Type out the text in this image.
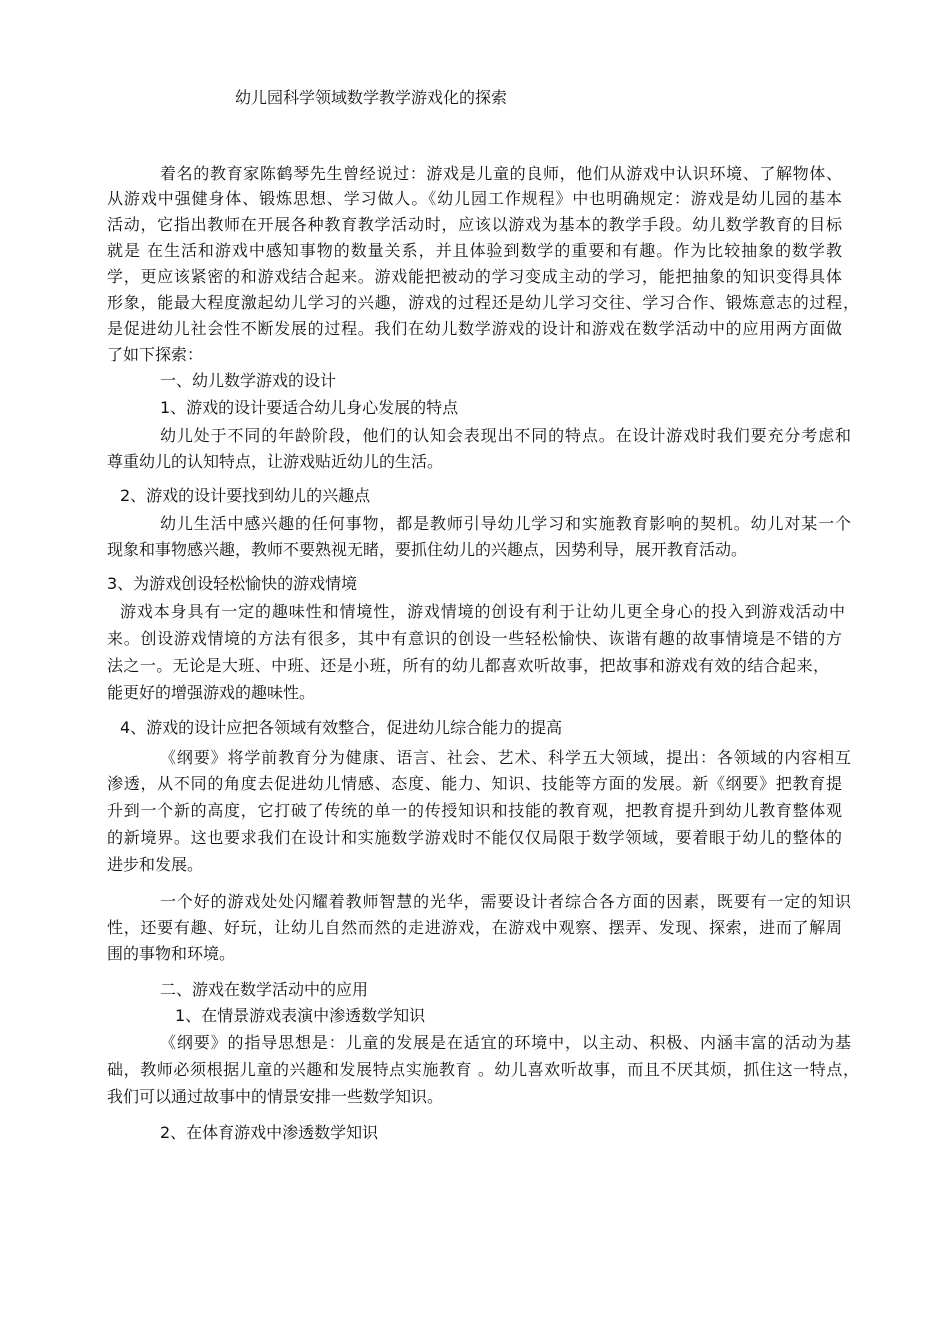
幼儿园科学领域数学教学游戏化的探索
着名的教育家陈鹤琴先生曾经说过：游戏是儿童的良师，他们从游戏中认识环境、了解物体、
从游戏中强健身体、锻炼思想、学习做人。《幼儿园工作规程》中也明确规定：游戏是幼儿园的基本
活动，它指出教师在开展各种教育教学活动时，应该以游戏为基本的教学手段。幼儿数学教育的目标
就是 在生活和游戏中感知事物的数量关系，并且体验到数学的重要和有趣。作为比较抽象的数学教
学，更应该紧密的和游戏结合起来。游戏能把被动的学习变成主动的学习，能把抽象的知识变得具体
形象，能最大程度激起幼儿学习的兴趣，游戏的过程还是幼儿学习交往、学习合作、锻炼意志的过程，
是促进幼儿社会性不断发展的过程。我们在幼儿数学游戏的设计和游戏在数学活动中的应用两方面做
了如下探索：
一、幼儿数学游戏的设计
1、游戏的设计要适合幼儿身心发展的特点
幼儿处于不同的年龄阶段，他们的认知会表现出不同的特点。在设计游戏时我们要充分考虑和
尊重幼儿的认知特点，让游戏贴近幼儿的生活。
2、游戏的设计要找到幼儿的兴趣点
幼儿生活中感兴趣的任何事物，都是教师引导幼儿学习和实施教育影响的契机。幼儿对某一个
现象和事物感兴趣，教师不要熟视无睹，要抓住幼儿的兴趣点，因势利导，展开教育活动。
3、为游戏创设轻松愉快的游戏情境
游戏本身具有一定的趣味性和情境性，游戏情境的创设有利于让幼儿更全身心的投入到游戏活动中
来。创设游戏情境的方法有很多，其中有意识的创设一些轻松愉快、诙谐有趣的故事情境是不错的方
法之一。无论是大班、中班、还是小班，所有的幼儿都喜欢听故事，把故事和游戏有效的结合起来，
能更好的增强游戏的趣味性。
4、游戏的设计应把各领域有效整合，促进幼儿综合能力的提高
《纲要》将学前教育分为健康、语言、社会、艺术、科学五大领域，提出：各领域的内容相互
渗透，从不同的角度去促进幼儿情感、态度、能力、知识、技能等方面的发展。新《纲要》把教育提
升到一个新的高度，它打破了传统的单一的传授知识和技能的教育观，把教育提升到幼儿教育整体观
的新境界。这也要求我们在设计和实施数学游戏时不能仅仅局限于数学领域，要着眼于幼儿的整体的
进步和发展。
一个好的游戏处处闪耀着教师智慧的光华，需要设计者综合各方面的因素，既要有一定的知识
性，还要有趣、好玩，让幼儿自然而然的走进游戏，在游戏中观察、摆弄、发现、探索，进而了解周
围的事物和环境。
二、游戏在数学活动中的应用
1、在情景游戏表演中渗透数学知识
《纲要》的指导思想是：儿童的发展是在适宜的环境中，以主动、积极、内涵丰富的活动为基
础，教师必须根据儿童的兴趣和发展特点实施教育 。幼儿喜欢听故事，而且不厌其烦，抓住这一特点，
我们可以通过故事中的情景安排一些数学知识。
2、在体育游戏中渗透数学知识
